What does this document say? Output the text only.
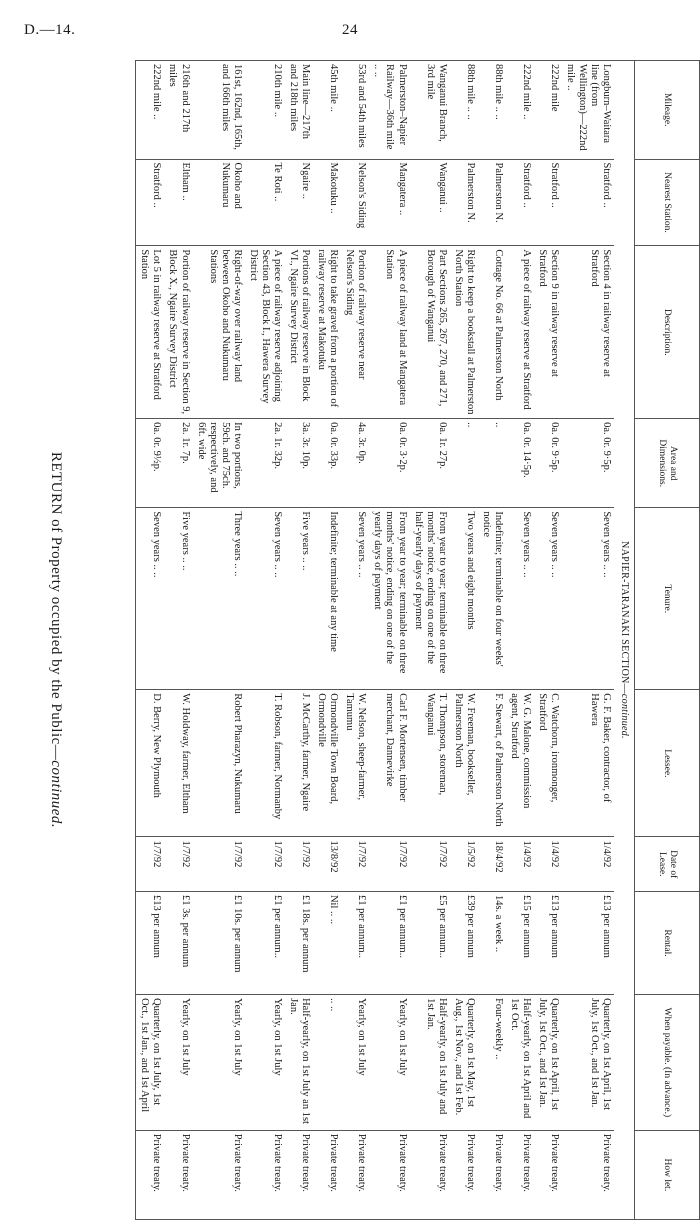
D.—14.	24
Mileage.	Nearest Station.	Description.	Area and Dimensions.	Tenure.	Lessee.	Date of Lease.	Rental.	When payable. (In advance.)	How let.
NAPIER-TARANAKI SECTION—continued.									
Longburn–Waitara line (from Wellington)—222nd mile ..	Stratford ..	Section 4 in railway reserve at Stratford	0a. 0r. 9·5p.	Seven years .. ..	G. F. Baker, contractor, of Hawera	1/4/92	£13 per annum	Quarterly, on 1st April, 1st July, 1st Oct., and 1st Jan.	Private treaty.
222nd mile	Stratford ..	Section 9 in railway reserve at Stratford	0a. 0r. 9·5p.	Seven years .. ..	C. Watchorn, ironmonger, Stratford	1/4/92	£13 per annum	Quarterly, on 1st April, 1st July, 1st Oct., and 1st Jan.	Private treaty.
222nd mile ..	Stratford ..	A piece of railway reserve at Stratford	0a. 0r. 14·5p.	Seven years .. ..	W. G. Malone, commission agent, Stratford	1/4/92	£15 per annum	Half-yearly, on 1st April and 1st Oct.	Private treaty.
88th mile .. ..	Palmerston N.	Cottage No. 66 at Palmerston North	..	Indefinite; terminable on four weeks' notice	F. Stewart, of Palmerston North	18/4/92	14s. a week ..	Four-weekly ..	Private treaty.
88th mile .. ..	Palmerston N.	Right to keep a bookstall at Palmerston North Station	..	Two years and eight months	W. Freeman, bookseller, Palmerston North	1/5/92	£39 per annum	Quarterly, on 1st May, 1st Aug., 1st Nov., and 1st Feb.	Private treaty.
Wanganui Branch, 3rd mile	Wanganui ..	Part Sections 265, 267, 270, and 271, Borough of Wanganui	0a. 1r. 27p.	From year to year; terminable on three months' notice, ending on one of the half-yearly days of payment	T. Thompson, storeman, Wanganui	1/7/92	£5 per annum..	Half-yearly, on 1st July and 1st Jan.	Private treaty.
Palmerston–Napier Railway—36th mile .. ..	Mangatera ..	A piece of railway land at Mangatera Station	0a. 0r. 3·2p.	From year to year; terminable on three months' notice, ending on one of the yearly days of payment	Carl F. Mortensen, timber merchant, Dannevirke	1/7/92	£1 per annum..	Yearly, on 1st July	Private treaty.
53rd and 54th miles	Nelson's Siding	Portion of railway reserve near Nelson's Siding	4a. 3r. 0p.	Seven years .. ..	W. Nelson, sheep-farmer, Tamumu	1/7/92	£1 per annum..	Yearly, on 1st July	Private treaty.
45th mile ..	Makotuku ..	Right to take gravel from a portion of railway reserve at Makotuku	0a. 0r. 33p.	Indefinite; terminable at any time	Ormondville Town Board, Ormondville	13/8/92	Nil .. ..	.. ..	Private treaty.
Main line—217th and 218th miles	Ngaire ..	Portions of railway reserve in Block VI., Ngaire Survey District	3a. 3r. 10p.	Five years .. ..	J. McCarthy, farmer, Ngaire	1/7/92	£1 18s. per annum	Half-yearly, on 1st July an 1st Jan.	Private treaty.
210th mile ..	Te Roti ..	A piece of railway reserve adjoining Section 43, Block I., Hawera Survey District	2a. 1r. 32p.	Seven years .. ..	T. Robson, farmer, Normanby	1/7/92	£1 per annum..	Yearly, on 1st July	Private treaty.
161st, 162nd, 165th, and 166th miles	Okoho and Nukumaru	Right-of-way over railway land between Okoho and Nukumaru Stations	In two portions, 59ch. and 75ch. respectively, and 6ft. wide	Three years .. ..	Robert Pharazyn, Nukumaru	1/7/92	£1 10s. per annum	Yearly, on 1st July	Private treaty.
216th and 217th miles	Eltham ..	Portion of railway reserve in Section 9, Block X., Ngaire Survey District	2a. 1r. 7p.	Five years .. ..	W. Holdway, farmer, Eltham	1/7/92	£1 3s. per annum	Yearly, on 1st July	Private treaty.
222nd mile ..	Stratford ..	Lot 5 in railway reserve at Stratford Station	0a. 0r. 9½p.	Seven years .. ..	D. Berry, New Plymouth	1/7/92	£13 per annum	Quarterly, on 1st July, 1st Oct., 1st Jan., and 1st April	Private treaty.
RETURN of Property occupied by the Public—continued.
